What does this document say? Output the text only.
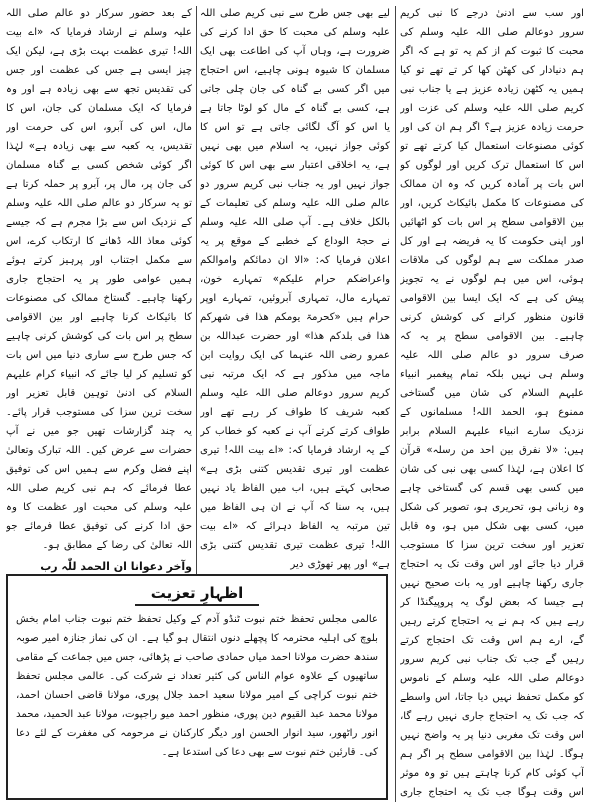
اور سب سے ادنیٰ درجے کا نبی کریم سرور دوعالم صلی اللہ علیہ وسلم کی محبت کا ثبوت کم از کم یہ تو ہے کہ اگر ہم دنیادار کی کھٹن کھا کر تے تھے تو کیا ہمیں یہ کٹھن زیادہ عزیز ہے یا جناب نبی کریم صلی اللہ علیہ وسلم کی عزت اور حرمت زیادہ عزیز ہے؟ اگر ہم ان کی اور کوئی مصنوعات استعمال کیا کرتے تھے تو اس کا استعمال ترک کریں اور لوگوں کو اس بات پر آمادہ کریں کہ وہ ان ممالک کی مصنوعات کا مکمل بائیکاٹ کریں، اور بین الاقوامی سطح پر اس بات کو اٹھائیں اور اپنی حکومت کا یہ فریضہ ہے اور کل صدر مملکت سے ہم لوگوں کی ملاقات ہوئی، اس میں ہم لوگوں نے یہ تجویز پیش کی ہے کہ ایک ایسا بین الاقوامی قانون منظور کرانے کی کوشش کرنی چاہیے۔ بین الاقوامی سطح پر یہ کہ صرف سرور دو عالم صلی اللہ علیہ وسلم ہی نہیں بلکہ تمام پیغمبر انبیاء علیہم السلام کی شان میں گستاخی ممنوع ہو، الحمد اللہ! مسلمانوں کے نزدیک سارے انبیاء علیہم السلام برابر ہیں: «لا نفرق بین احد من رسلہ» قرآن کا اعلان ہے، لہٰذا کسی بھی نبی کی شان میں کسی بھی قسم کی گستاخی چاہے وہ زبانی ہو، تحریری ہو، تصویر کی شکل میں، کسی بھی شکل میں ہو، وہ قابل تعزیر اور سخت ترین سزا کا مستوجب قرار دیا جائے اور اس وقت تک یہ احتجاج جاری رکھنا چاہیے اور یہ بات صحیح نہیں ہے جیسا کہ بعض لوگ یہ پروپیگنڈا کر رہے ہیں کہ ہم نے یہ احتجاج کرتے رہیں گے، ارے ہم اس وقت تک احتجاج کرتے رہیں گے جب تک جناب نبی کریم سرور دوعالم صلی اللہ علیہ وسلم کے ناموس کو مکمل تحفظ نہیں دیا جاتا، اس واسطے کہ جب تک یہ احتجاج جاری نہیں رہے گا، اس وقت تک مغربی دنیا پر یہ واضح نہیں ہوگا۔ لہٰذا بین الاقوامی سطح پر اگر ہم آپ کوئی کام کرنا چاہتے ہیں تو وہ موثر اس وقت ہوگا جب تک یہ احتجاج جاری

لیے بھی جس طرح سے نبی کریم صلی اللہ علیہ وسلم کی محبت کا حق ادا کرنے کی ضرورت ہے، وہاں آپ کی اطاعت بھی ایک مسلمان کا شیوہ ہونی چاہیے، اس احتجاج میں اگر کسی بے گناہ کی جان چلی جاتی ہے، کسی بے گناہ کے مال کو لوٹا جاتا ہے یا اس کو آگ لگائی جاتی ہے تو اس کا کوئی جواز نہیں، یہ اسلام میں بھی نہیں ہے، یہ اخلاقی اعتبار سے بھی اس کا کوئی جواز نہیں اور یہ جناب نبی کریم سرور دو عالم صلی اللہ علیہ وسلم کی تعلیمات کے بالکل خلاف ہے۔ آپ صلی اللہ علیہ وسلم نے حجۃ الوداع کے خطبے کے موقع پر یہ اعلان فرمایا کہ: «الا ان دمائکم واموالکم واعراضکم حرام علیکم» تمہارے خون، تمہارے مال، تمہاری آبروئیں، تمہارے اوپر حرام ہیں «کحرمۃ یومکم ھذا فی شھرکم ھذا فی بلدکم ھذا» اور حضرت عبداللہ بن عمرو رضی اللہ عنہما کی ایک روایت ابن ماجہ میں مذکور ہے کہ ایک مرتبہ نبی کریم سرور دوعالم صلی اللہ علیہ وسلم کعبہ شریف کا طواف کر رہے تھے اور طواف کرتے کرتے آپ نے کعبہ کو خطاب کر کے یہ ارشاد فرمایا کہ: «اے بیت اللہ! تیری عظمت اور تیری تقدیس کتنی بڑی ہے» صحابی کہتے ہیں، اب میں الفاظ یاد نہیں ہیں، یہ سنا کہ آپ نے ان ہی الفاظ میں تین مرتبہ یہ الفاظ دہرائے کہ «اے بیت اللہ! تیری عظمت تیری تقدیس کتنی بڑی ہے» اور پھر تھوڑی دیر

کے بعد حضور سرکار دو عالم صلی اللہ علیہ وسلم نے ارشاد فرمایا کہ «اے بیت اللہ! تیری عظمت بہت بڑی ہے، لیکن ایک چیز ایسی ہے جس کی عظمت اور جس کی تقدیس تجھ سے بھی زیادہ ہے اور وہ فرمایا کہ ایک مسلمان کی جان، اس کا مال، اس کی آبرو، اس کی حرمت اور تقدیس، یہ کعبہ سے بھی زیادہ ہے» لہٰذا اگر کوئی شخص کسی بے گناہ مسلمان کی جان پر، مال پر، آبرو پر حملہ کرتا ہے تو یہ سرکار دو عالم صلی اللہ علیہ وسلم کے نزدیک اس سے بڑا مجرم ہے کہ جیسے کوئی معاذ اللہ ڈھانے کا ارتکاب کرے، اس سے مکمل اجتناب اور پرہیز کرتے ہوئے ہمیں عوامی طور پر یہ احتجاج جاری رکھنا چاہیے۔ گستاخ ممالک کی مصنوعات کا بائیکاٹ کرنا چاہیے اور بین الاقوامی سطح پر اس بات کی کوشش کرنی چاہیے کہ جس طرح سے ساری دنیا میں اس بات کو تسلیم کر لیا جائے کہ انبیاء کرام علیہم السلام کی ادنیٰ توہین قابل تعزیر اور سخت ترین سزا کی مستوجب قرار پائے۔ یہ چند گزارشات تھیں جو میں نے آپ حضرات سے عرض کیں۔ اللہ تبارک وتعالیٰ اپنے فضل وکرم سے ہمیں اس کی توفیق عطا فرمائے کہ ہم نبی کریم صلی اللہ علیہ وسلم کی محبت اور عظمت کا وہ حق ادا کرنے کی توفیق عطا فرمائے جو اللہ تعالیٰ کی رضا کے مطابق ہو۔

وآخر دعوانا ان الحمد للّٰہ رب
اظہارِ تعزیت

عالمی مجلس تحفظ ختم نبوت ٹنڈو آدم کے وکیل تحفظ ختم نبوت جناب امام بخش بلوچ کی اہلیہ محترمہ کا پچھلے دنوں انتقال ہو گیا ہے۔ ان کی نماز جنازہ امیر صوبہ سندھ حضرت مولانا احمد میاں حمادی صاحب نے پڑھائی، جس میں جماعت کے مقامی ساتھیوں کے علاوہ عوام الناس کی کثیر تعداد نے شرکت کی۔ عالمی مجلس تحفظ ختم نبوت کراچی کے امیر مولانا سعید احمد جلال پوری، مولانا قاضی احسان احمد، مولانا محمد عبد القیوم دین پوری، منظور احمد میو راجپوت، مولانا عبد الحمید، محمد انور راٹھور، سید انوار الحسن اور دیگر کارکنان نے مرحومہ کی مغفرت کے لئے دعا کی۔ قارئین ختم نبوت سے بھی دعا کی استدعا ہے۔
